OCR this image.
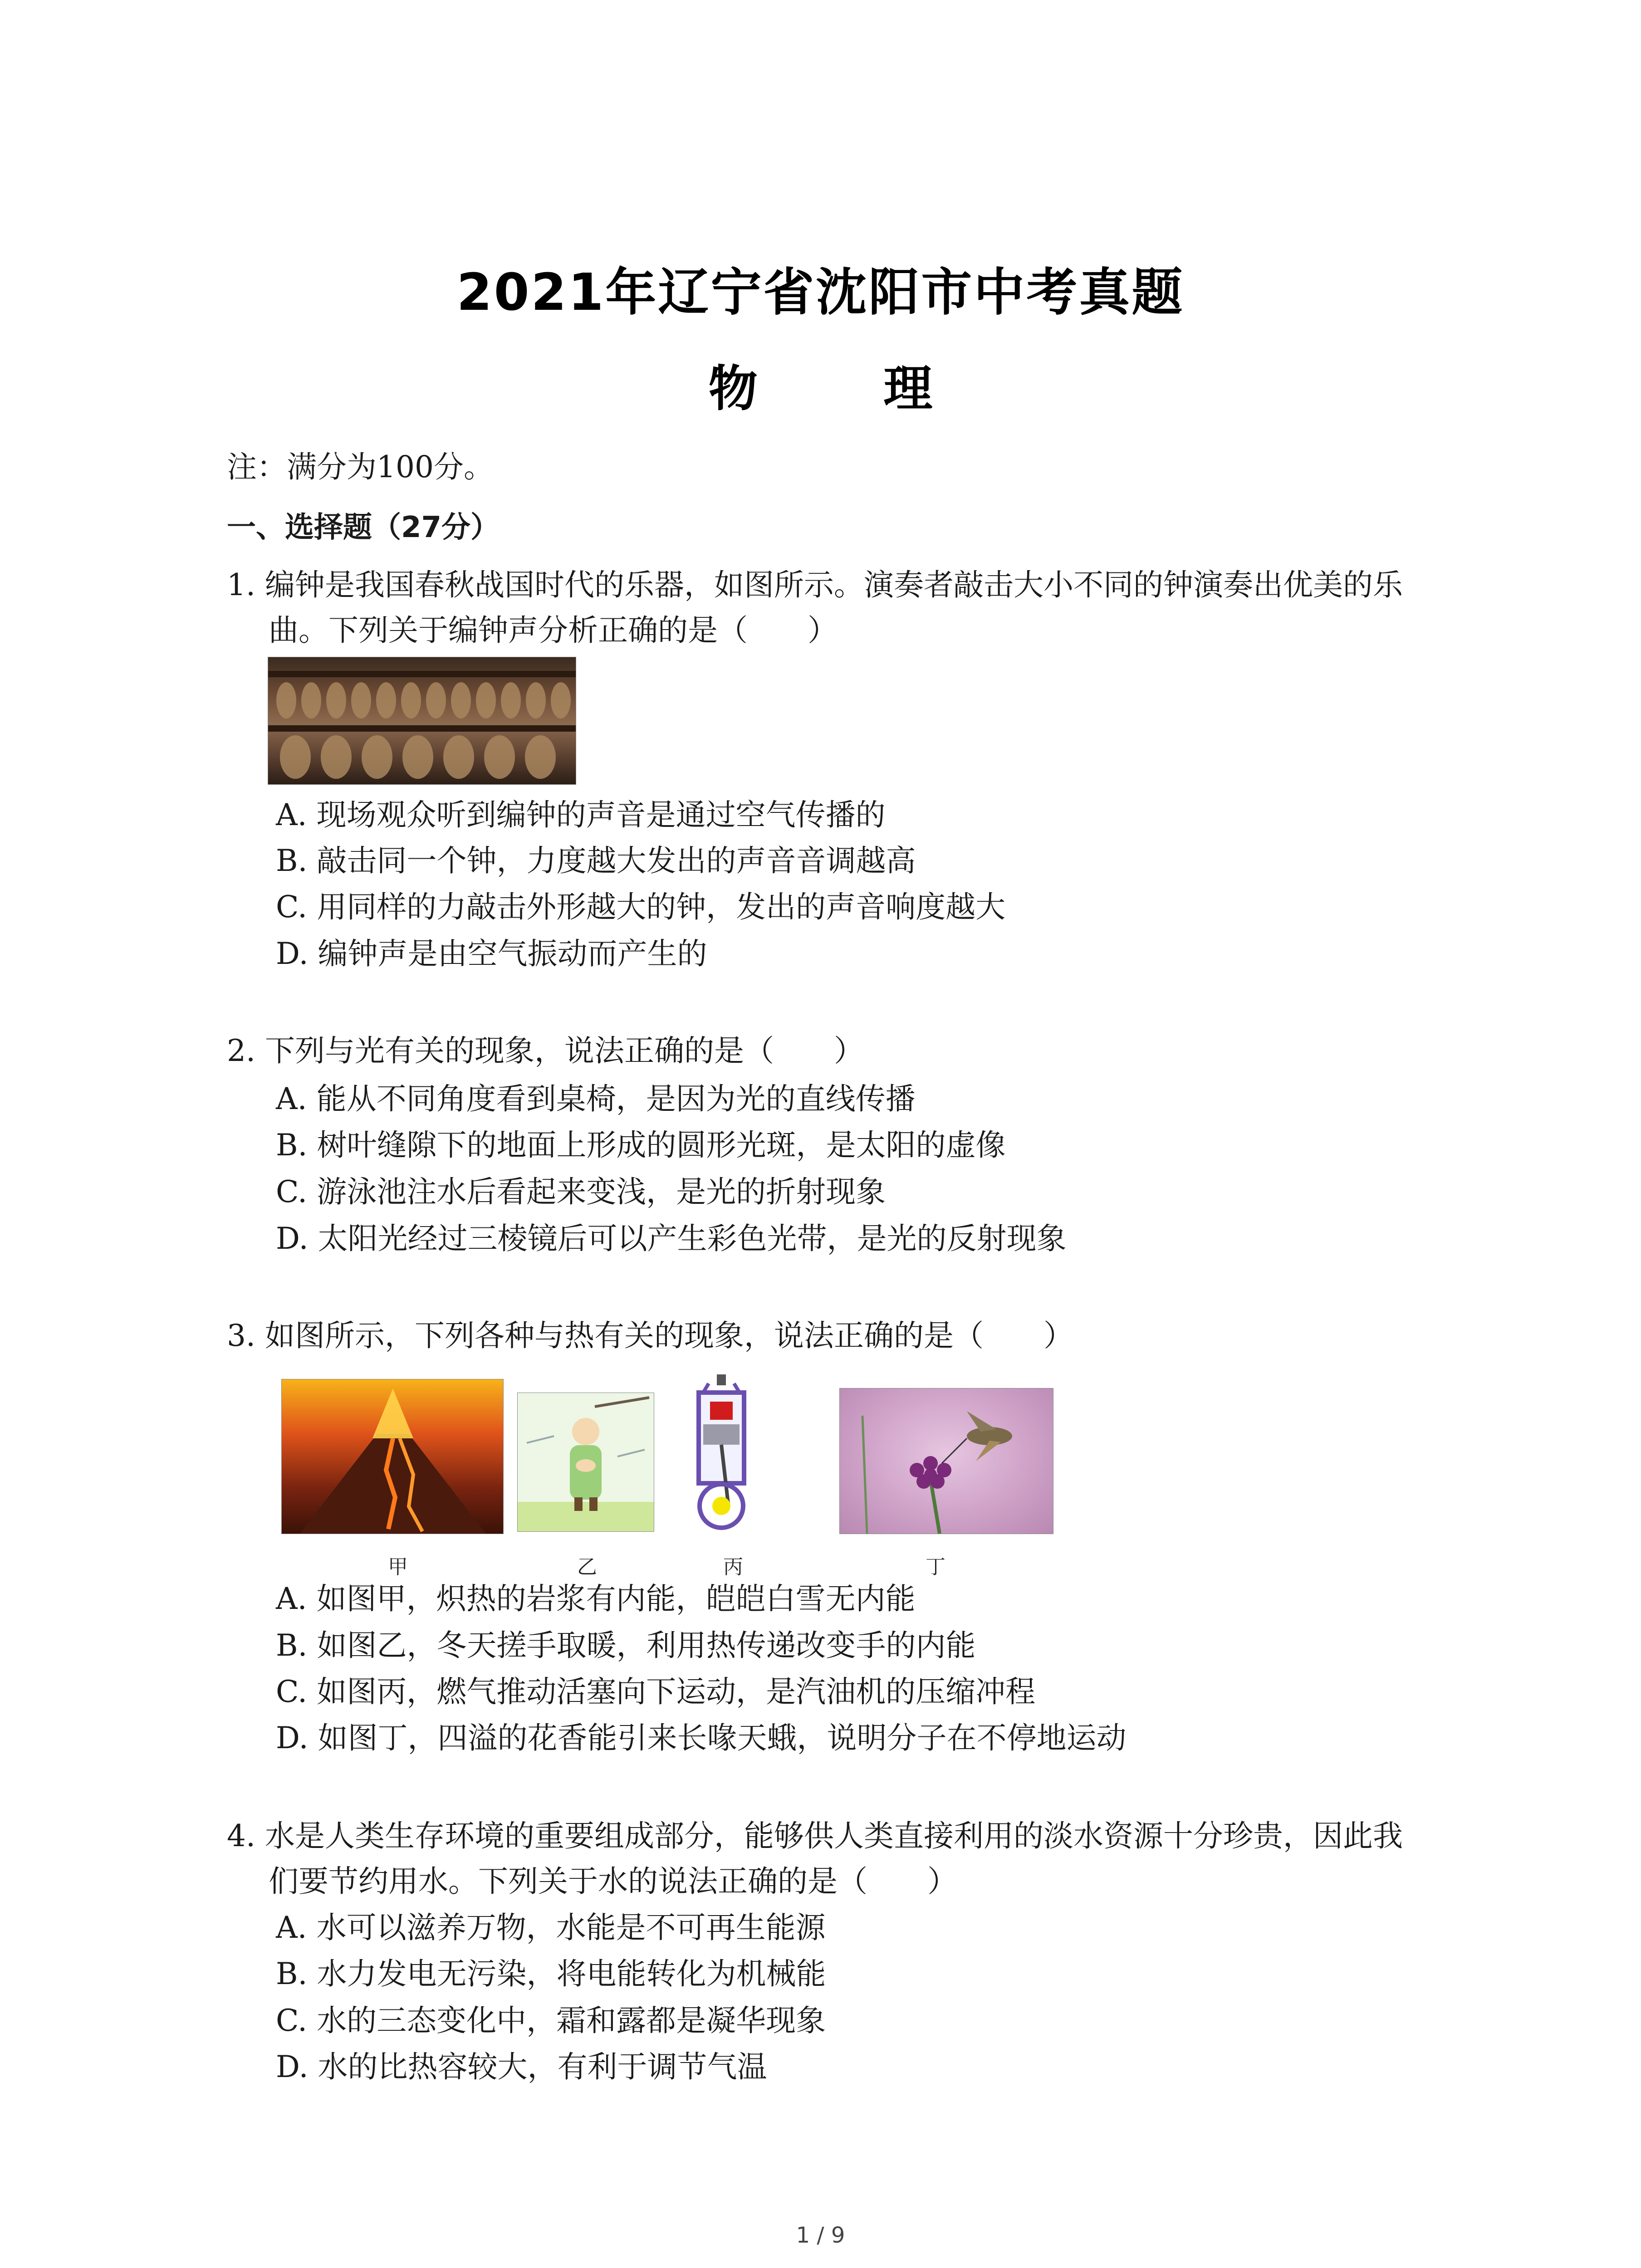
2021年辽宁省沈阳市中考真题
物 理
注：满分为100分。
一、选择题（27分）
1. 编钟是我国春秋战国时代的乐器，如图所示。演奏者敲击大小不同的钟演奏出优美的乐
曲。下列关于编钟声分析正确的是（　　）
A. 现场观众听到编钟的声音是通过空气传播的
B. 敲击同一个钟，力度越大发出的声音音调越高
C. 用同样的力敲击外形越大的钟，发出的声音响度越大
D. 编钟声是由空气振动而产生的
2. 下列与光有关的现象，说法正确的是（　　）
A. 能从不同角度看到桌椅，是因为光的直线传播
B. 树叶缝隙下的地面上形成的圆形光斑，是太阳的虚像
C. 游泳池注水后看起来变浅，是光的折射现象
D. 太阳光经过三棱镜后可以产生彩色光带，是光的反射现象
3. 如图所示，下列各种与热有关的现象，说法正确的是（　　）
甲	乙	丙	丁
A. 如图甲，炽热的岩浆有内能，皑皑白雪无内能
B. 如图乙，冬天搓手取暖，利用热传递改变手的内能
C. 如图丙，燃气推动活塞向下运动，是汽油机的压缩冲程
D. 如图丁，四溢的花香能引来长喙天蛾，说明分子在不停地运动
4. 水是人类生存环境的重要组成部分，能够供人类直接利用的淡水资源十分珍贵，因此我
们要节约用水。下列关于水的说法正确的是（　　）
A. 水可以滋养万物，水能是不可再生能源
B. 水力发电无污染，将电能转化为机械能
C. 水的三态变化中，霜和露都是凝华现象
D. 水的比热容较大，有利于调节气温
1 / 9
